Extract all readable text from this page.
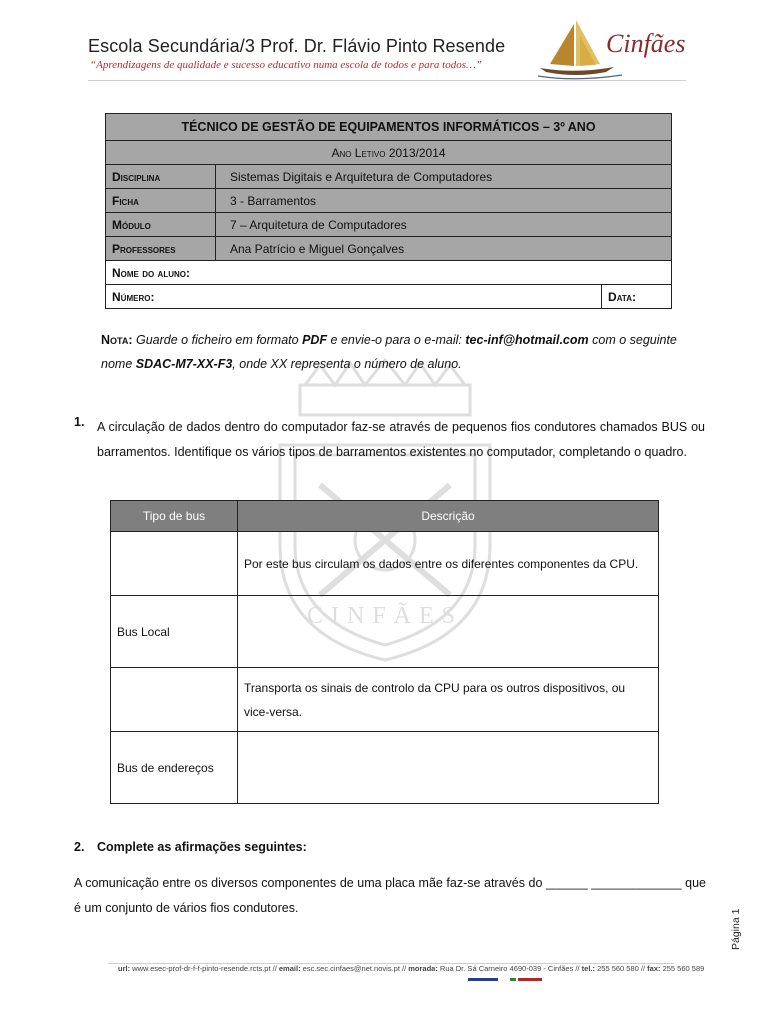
Escola Secundária/3 Prof. Dr. Flávio Pinto Resende
“Aprendizagens de qualidade e sucesso educativo numa escola de todos e para todos…”
Cinfães
CINFÃES
TÉCNICO DE GESTÃO DE EQUIPAMENTOS INFORMÁTICOS – 3º ANO		
Ano Letivo 2013/2014		
Disciplina	Sistemas Digitais e Arquitetura de Computadores	
Ficha	3 - Barramentos	
Módulo	7 – Arquitetura de Computadores	
Professores	Ana Patrício e Miguel Gonçalves	
Nome do aluno:		
Número:		Data:
Nota: Guarde o ficheiro em formato PDF e envie-o para o e-mail: tec-inf@hotmail.com com o seguinte nome SDAC-M7-XX-F3, onde XX representa o número de aluno.
1. A circulação de dados dentro do computador faz-se através de pequenos fios condutores chamados BUS ou barramentos. Identifique os vários tipos de barramentos existentes no computador, completando o quadro.
Tipo de bus	Descrição
	Por este bus circulam os dados entre os diferentes componentes da CPU.
Bus Local	
	Transporta os sinais de controlo da CPU para os outros dispositivos, ou vice-versa.
Bus de endereços	
2. Complete as afirmações seguintes:
A comunicação entre os diversos componentes de uma placa mãe faz-se através do ______ _____________ que é um conjunto de vários fios condutores.
url: www.esec-prof-dr-f-f-pinto-resende.rcts.pt // email: esc.sec.cinfaes@net.novis.pt // morada: Rua Dr. Sá Carneiro 4690-039 - Cinfães // tel.: 255 560 580 // fax: 255 560 589
Página 1
